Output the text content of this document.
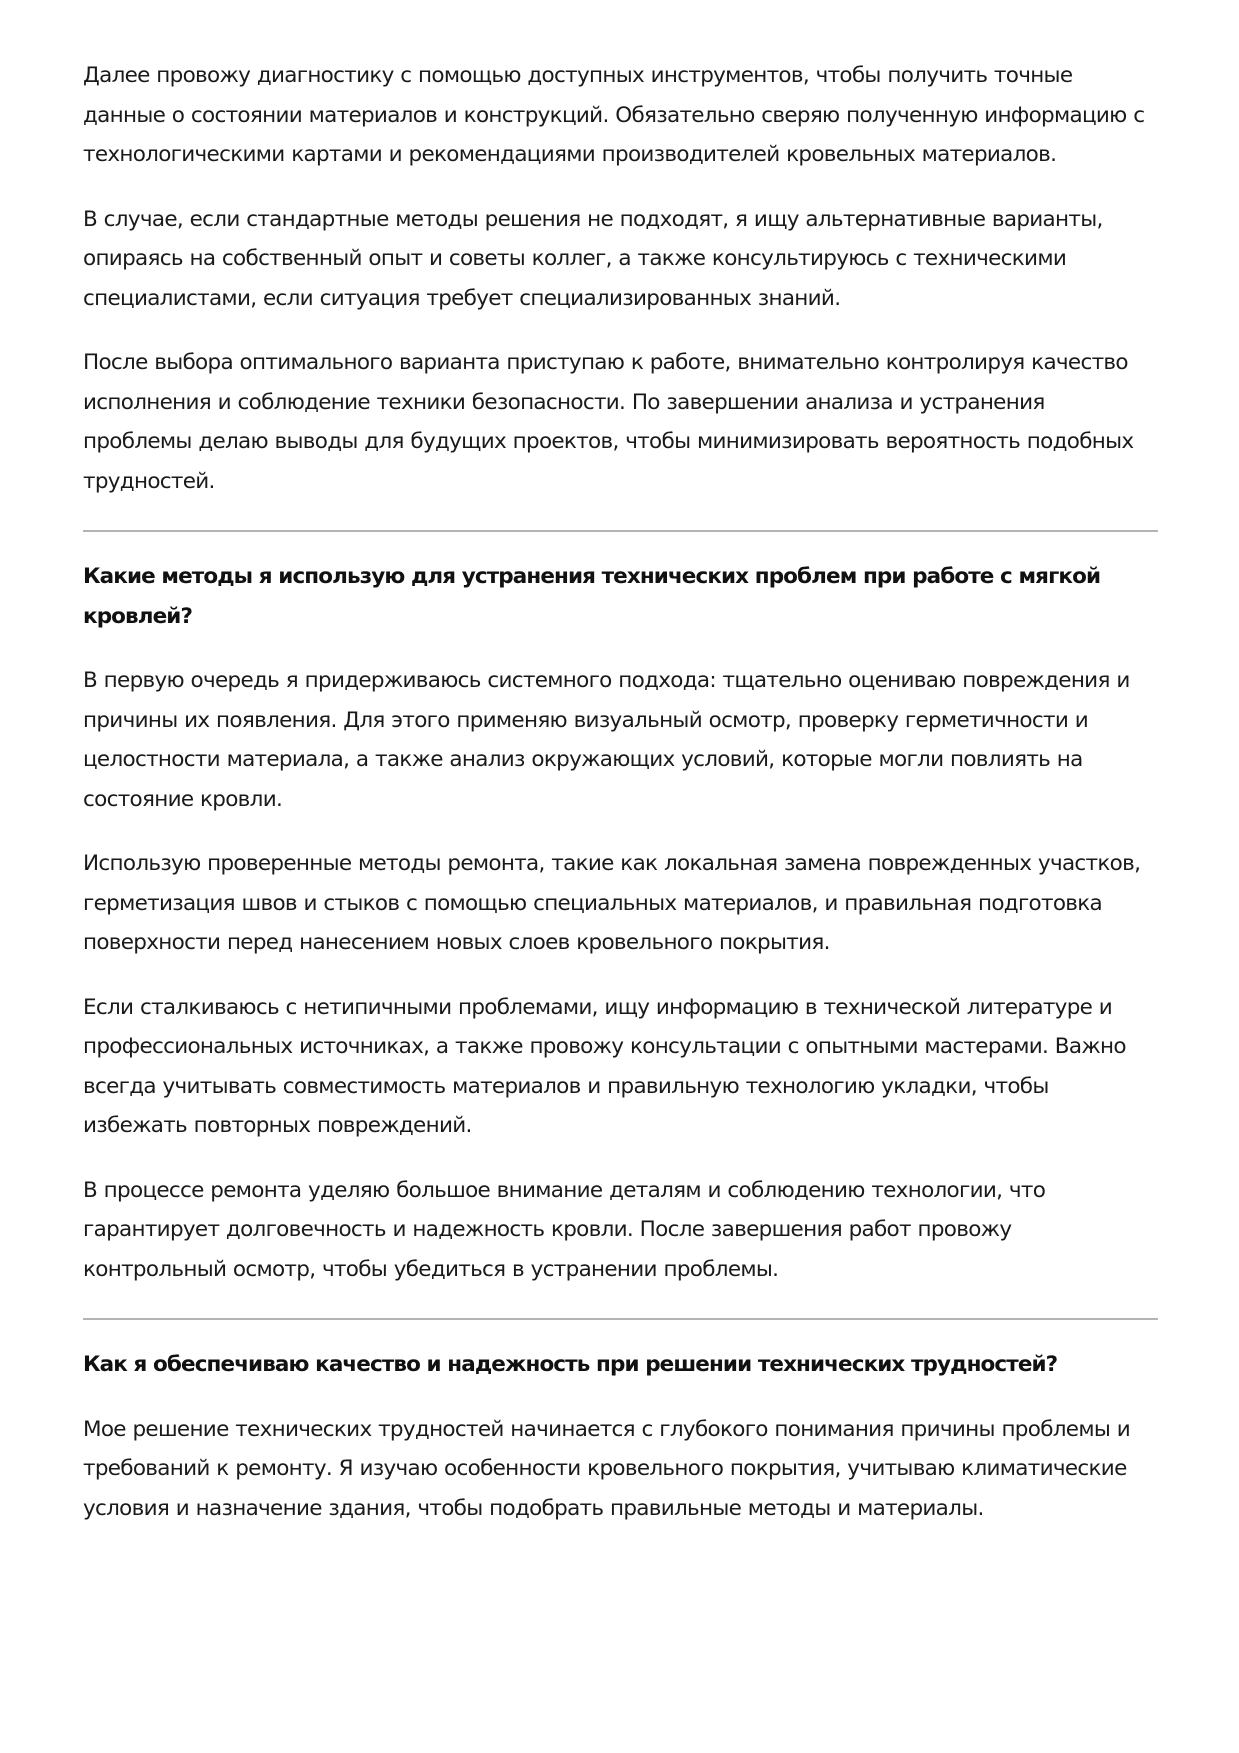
Далее провожу диагностику с помощью доступных инструментов, чтобы получить точные данные о состоянии материалов и конструкций. Обязательно сверяю полученную информацию с технологическими картами и рекомендациями производителей кровельных материалов.

В случае, если стандартные методы решения не подходят, я ищу альтернативные варианты, опираясь на собственный опыт и советы коллег, а также консультируюсь с техническими специалистами, если ситуация требует специализированных знаний.

После выбора оптимального варианта приступаю к работе, внимательно контролируя качество исполнения и соблюдение техники безопасности. По завершении анализа и устранения проблемы делаю выводы для будущих проектов, чтобы минимизировать вероятность подобных трудностей.

Какие методы я использую для устранения технических проблем при работе с мягкой кровлей?

В первую очередь я придерживаюсь системного подхода: тщательно оцениваю повреждения и причины их появления. Для этого применяю визуальный осмотр, проверку герметичности и целостности материала, а также анализ окружающих условий, которые могли повлиять на состояние кровли.

Использую проверенные методы ремонта, такие как локальная замена поврежденных участков, герметизация швов и стыков с помощью специальных материалов, и правильная подготовка поверхности перед нанесением новых слоев кровельного покрытия.

Если сталкиваюсь с нетипичными проблемами, ищу информацию в технической литературе и профессиональных источниках, а также провожу консультации с опытными мастерами. Важно всегда учитывать совместимость материалов и правильную технологию укладки, чтобы избежать повторных повреждений.

В процессе ремонта уделяю большое внимание деталям и соблюдению технологии, что гарантирует долговечность и надежность кровли. После завершения работ провожу контрольный осмотр, чтобы убедиться в устранении проблемы.

Как я обеспечиваю качество и надежность при решении технических трудностей?

Мое решение технических трудностей начинается с глубокого понимания причины проблемы и требований к ремонту. Я изучаю особенности кровельного покрытия, учитываю климатические условия и назначение здания, чтобы подобрать правильные методы и материалы.
